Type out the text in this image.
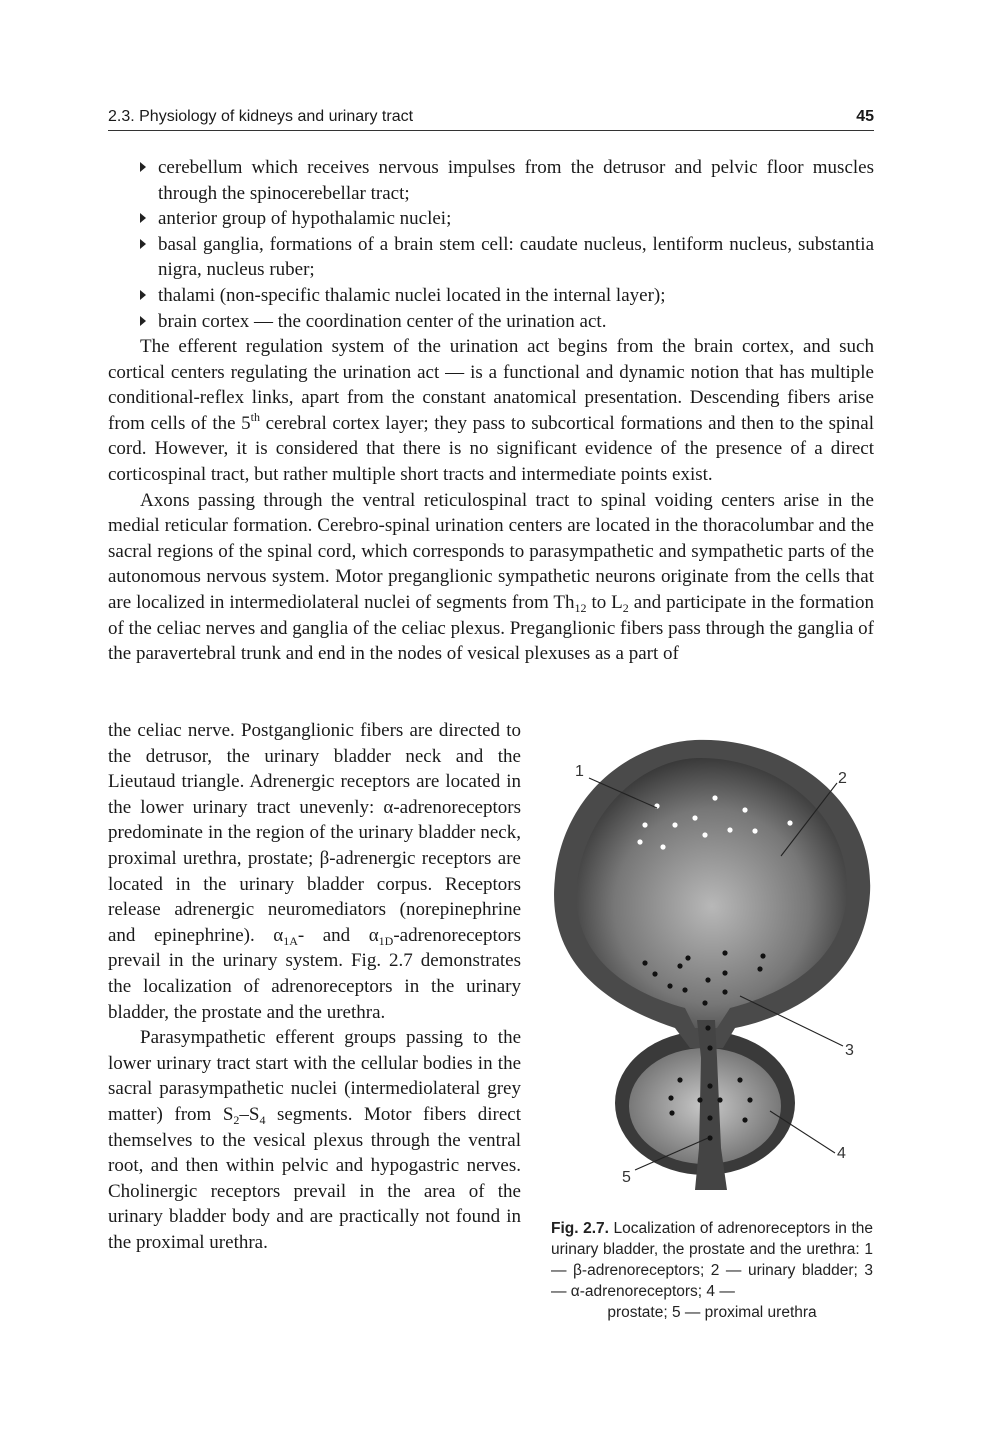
2.3. Physiology of kidneys and urinary tract	45
cerebellum which receives nervous impulses from the detrusor and pelvic floor muscles through the spinocerebellar tract;
anterior group of hypothalamic nuclei;
basal ganglia, formations of a brain stem cell: caudate nucleus, lentiform nucleus, substantia nigra, nucleus ruber;
thalami (non-specific thalamic nuclei located in the internal layer);
brain cortex — the coordination center of the urination act.

The efferent regulation system of the urination act begins from the brain cortex, and such cortical centers regulating the urination act — is a functional and dynamic notion that has multiple conditional-reflex links, apart from the constant anatomical presentation. Descending fibers arise from cells of the 5th cerebral cortex layer; they pass to subcortical formations and then to the spinal cord. However, it is considered that there is no significant evidence of the presence of a direct corticospinal tract, but rather multiple short tracts and intermediate points exist.

Axons passing through the ventral reticulospinal tract to spinal voiding centers arise in the medial reticular formation. Cerebro-spinal urination centers are located in the thoracolumbar and the sacral regions of the spinal cord, which corresponds to parasympathetic and sympathetic parts of the autonomous nervous system. Motor preganglionic sympathetic neurons originate from the cells that are localized in intermediolateral nuclei of segments from $Th_{12}$ to $L_2$ and participate in the formation of the celiac nerves and ganglia of the celiac plexus. Preganglionic fibers pass through the ganglia of the paravertebral trunk and end in the nodes of vesical plexuses as a part of

the celiac nerve. Postganglionic fibers are directed to the detrusor, the urinary bladder neck and the Lieutaud triangle. Adrenergic receptors are located in the lower urinary tract unevenly: α-adrenoreceptors predominate in the region of the urinary bladder neck, proximal urethra, prostate; β-adrenergic receptors are located in the urinary bladder corpus. Receptors release adrenergic neuromediators (norepinephrine and epinephrine). $\alpha_{1A}-$ and $\alpha_{1D}$-adrenoreceptors prevail in the urinary system. Fig. 2.7 demonstrates the localization of adrenoreceptors in the urinary bladder, the prostate and the urethra.

Parasympathetic efferent groups passing to the lower urinary tract start with the cellular bodies in the sacral parasympathetic nuclei (intermediolateral grey matter) from $S_2-S_4$ segments. Motor fibers direct themselves to the vesical plexus through the ventral root, and then within pelvic and hypogastric nerves. Cholinergic receptors prevail in the area of the urinary bladder body and are practically not found in the proximal urethra.

1	2
3
4
5
Fig. 2.7. Localization of adrenoreceptors in the urinary bladder, the prostate and the urethra: 1 — β-adrenoreceptors; 2 — urinary bladder; 3 — α-adrenoreceptors; 4 —
prostate; 5 — proximal urethra
